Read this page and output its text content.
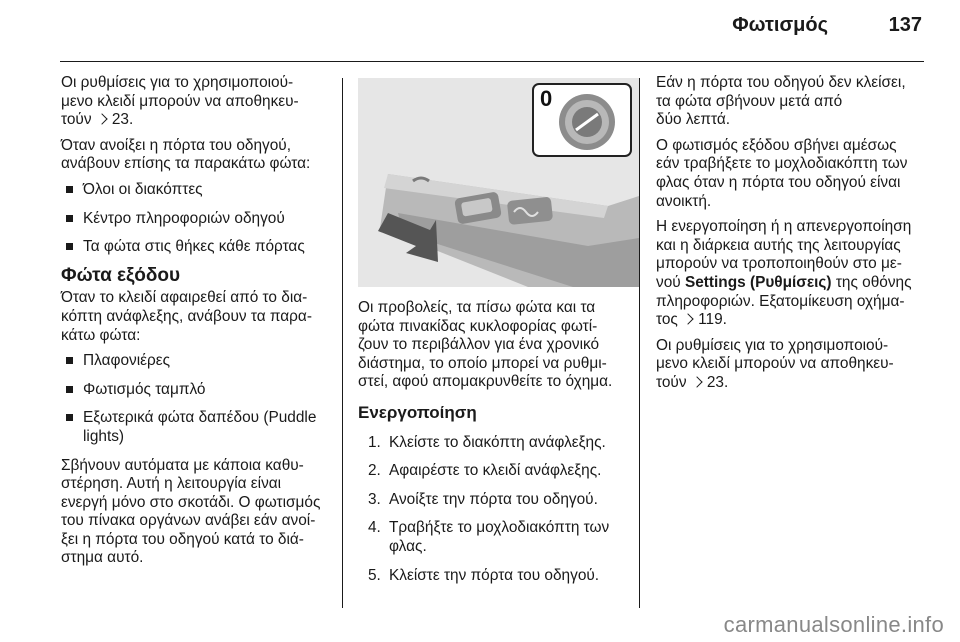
Φωτισμός	137

Οι ρυθμίσεις για το χρησιμοποιού-
μενο κλειδί μπορούν να αποθηκευ-
τούν 23.

Όταν ανοίξει η πόρτα του οδηγού,
ανάβουν επίσης τα παρακάτω φώτα:

Όλοι οι διακόπτες
Κέντρο πληροφοριών οδηγού
Τα φώτα στις θήκες κάθε πόρτας
Φώτα εξόδου

Όταν το κλειδί αφαιρεθεί από το δια-
κόπτη ανάφλεξης, ανάβουν τα παρα-
κάτω φώτα:

Πλαφονιέρες
Φωτισμός ταμπλό
Εξωτερικά φώτα δαπέδου (Puddle
lights)

Σβήνουν αυτόματα με κάποια καθυ-
στέρηση. Αυτή η λειτουργία είναι
ενεργή μόνο στο σκοτάδι. Ο φωτισμός
του πίνακα οργάνων ανάβει εάν ανοί-
ξει η πόρτα του οδηγού κατά το διά-
στημα αυτό.

0

Οι προβολείς, τα πίσω φώτα και τα
φώτα πινακίδας κυκλοφορίας φωτί-
ζουν το περιβάλλον για ένα χρονικό
διάστημα, το οποίο μπορεί να ρυθμι-
στεί, αφού απομακρυνθείτε το όχημα.

Ενεργοποίηση
1. Κλείστε το διακόπτη ανάφλεξης.
2. Αφαιρέστε το κλειδί ανάφλεξης.
3. Ανοίξτε την πόρτα του οδηγού.
4. Τραβήξτε το μοχλοδιακόπτη των
φλας.
5. Κλείστε την πόρτα του οδηγού.

Εάν η πόρτα του οδηγού δεν κλείσει,
τα φώτα σβήνουν μετά από
δύο λεπτά.

Ο φωτισμός εξόδου σβήνει αμέσως
εάν τραβήξετε το μοχλοδιακόπτη των
φλας όταν η πόρτα του οδηγού είναι
ανοικτή.

Η ενεργοποίηση ή η απενεργοποίηση
και η διάρκεια αυτής της λειτουργίας
μπορούν να τροποποιηθούν στο με-
νού Settings (Ρυθμίσεις) της οθόνης
πληροφοριών. Εξατομίκευση οχήμα-
τος 119.

Οι ρυθμίσεις για το χρησιμοποιού-
μενο κλειδί μπορούν να αποθηκευ-
τούν 23.

carmanualsonline.info
